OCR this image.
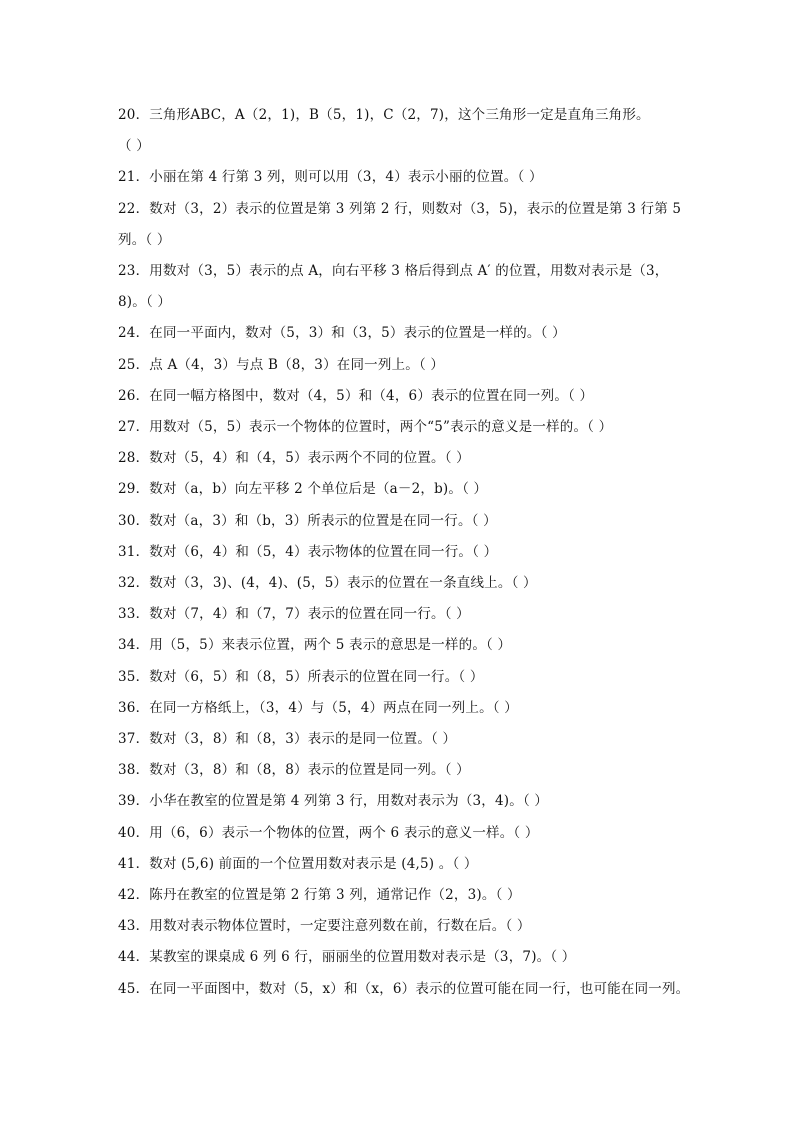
20．三角形ABC，A（2，1)，B（5，1)，C（2，7)，这个三角形一定是直角三角形。
（ ）
21．小丽在第 4 行第 3 列，则可以用（3，4）表示小丽的位置。（ ）
22．数对（3，2）表示的位置是第 3 列第 2 行，则数对（3，5)，表示的位置是第 3 行第 5
列。（ ）
23．用数对（3，5）表示的点 A，向右平移 3 格后得到点 A′ 的位置，用数对表示是（3，
8)。（ ）
24．在同一平面内，数对（5，3）和（3，5）表示的位置是一样的。（ ）
25．点 A（4，3）与点 B（8，3）在同一列上。（ ）
26．在同一幅方格图中，数对（4，5）和（4，6）表示的位置在同一列。（ ）
27．用数对（5，5）表示一个物体的位置时，两个“5”表示的意义是一样的。（ ）
28．数对（5，4）和（4，5）表示两个不同的位置。（ ）
29．数对（a，b）向左平移 2 个单位后是（a－2，b)。（ ）
30．数对（a，3）和（b，3）所表示的位置是在同一行。（ ）
31．数对（6，4）和（5，4）表示物体的位置在同一行。（ ）
32．数对（3，3)、(4，4)、(5，5）表示的位置在一条直线上。（ ）
33．数对（7，4）和（7，7）表示的位置在同一行。（ ）
34．用（5，5）来表示位置，两个 5 表示的意思是一样的。（ ）
35．数对（6，5）和（8，5）所表示的位置在同一行。（ ）
36．在同一方格纸上，（3，4）与（5，4）两点在同一列上。（ ）
37．数对（3，8）和（8，3）表示的是同一位置。（ ）
38．数对（3，8）和（8，8）表示的位置是同一列。（ ）
39．小华在教室的位置是第 4 列第 3 行，用数对表示为（3，4)。（ ）
40．用（6，6）表示一个物体的位置，两个 6 表示的意义一样。（ ）
41．数对 (5,6) 前面的一个位置用数对表示是 (4,5) 。（ ）
42．陈丹在教室的位置是第 2 行第 3 列，通常记作（2，3)。（ ）
43．用数对表示物体位置时，一定要注意列数在前，行数在后。（ ）
44．某教室的课桌成 6 列 6 行，丽丽坐的位置用数对表示是（3，7)。（ ）
45．在同一平面图中，数对（5，x）和（x，6）表示的位置可能在同一行，也可能在同一列。
